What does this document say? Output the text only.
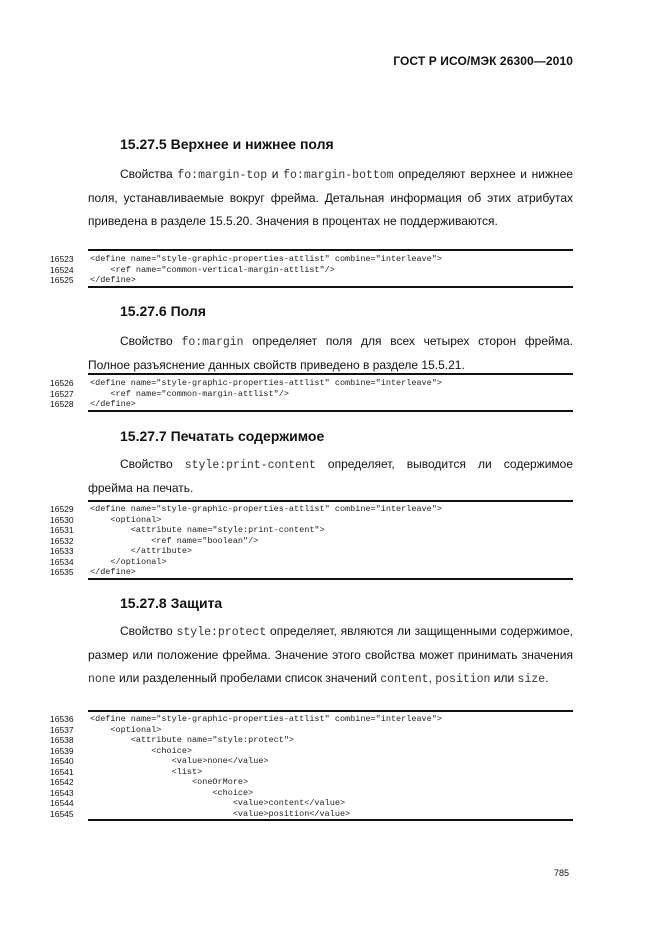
ГОСТ Р ИСО/МЭК 26300—2010
15.27.5 Верхнее и нижнее поля
Свойства fo:margin-top и fo:margin-bottom определяют верхнее и нижнее поля, устанавливаемые вокруг фрейма. Детальная информация об этих атрибутах приведена в разделе 15.5.20. Значения в процентах не поддерживаются.
16523	<define name="style-graphic-properties-attlist" combine="interleave">
16524	<ref name="common-vertical-margin-attlist"/>
16525	</define>
15.27.6 Поля
Свойство fo:margin определяет поля для всех четырех сторон фрейма. Полное разъяснение данных свойств приведено в разделе 15.5.21.
16526	<define name="style-graphic-properties-attlist" combine="interleave">
16527	<ref name="common-margin-attlist"/>
16528	</define>
15.27.7 Печатать содержимое
Свойство style:print-content определяет, выводится ли содержимое фрейма на печать.
16529	<define name="style-graphic-properties-attlist" combine="interleave">
16530	<optional>
16531	<attribute name="style:print-content">
16532	<ref name="boolean"/>
16533	</attribute>
16534	</optional>
16535	</define>
15.27.8 Защита
Свойство style:protect определяет, являются ли защищенными содержимое, размер или положение фрейма. Значение этого свойства может принимать значения none или разделенный пробелами список значений content, position или size.
16536	<define name="style-graphic-properties-attlist" combine="interleave">
16537	<optional>
16538	<attribute name="style:protect">
16539	<choice>
16540	<value>none</value>
16541	<list>
16542	<oneOrMore>
16543	<choice>
16544	<value>content</value>
16545	<value>position</value>
785
